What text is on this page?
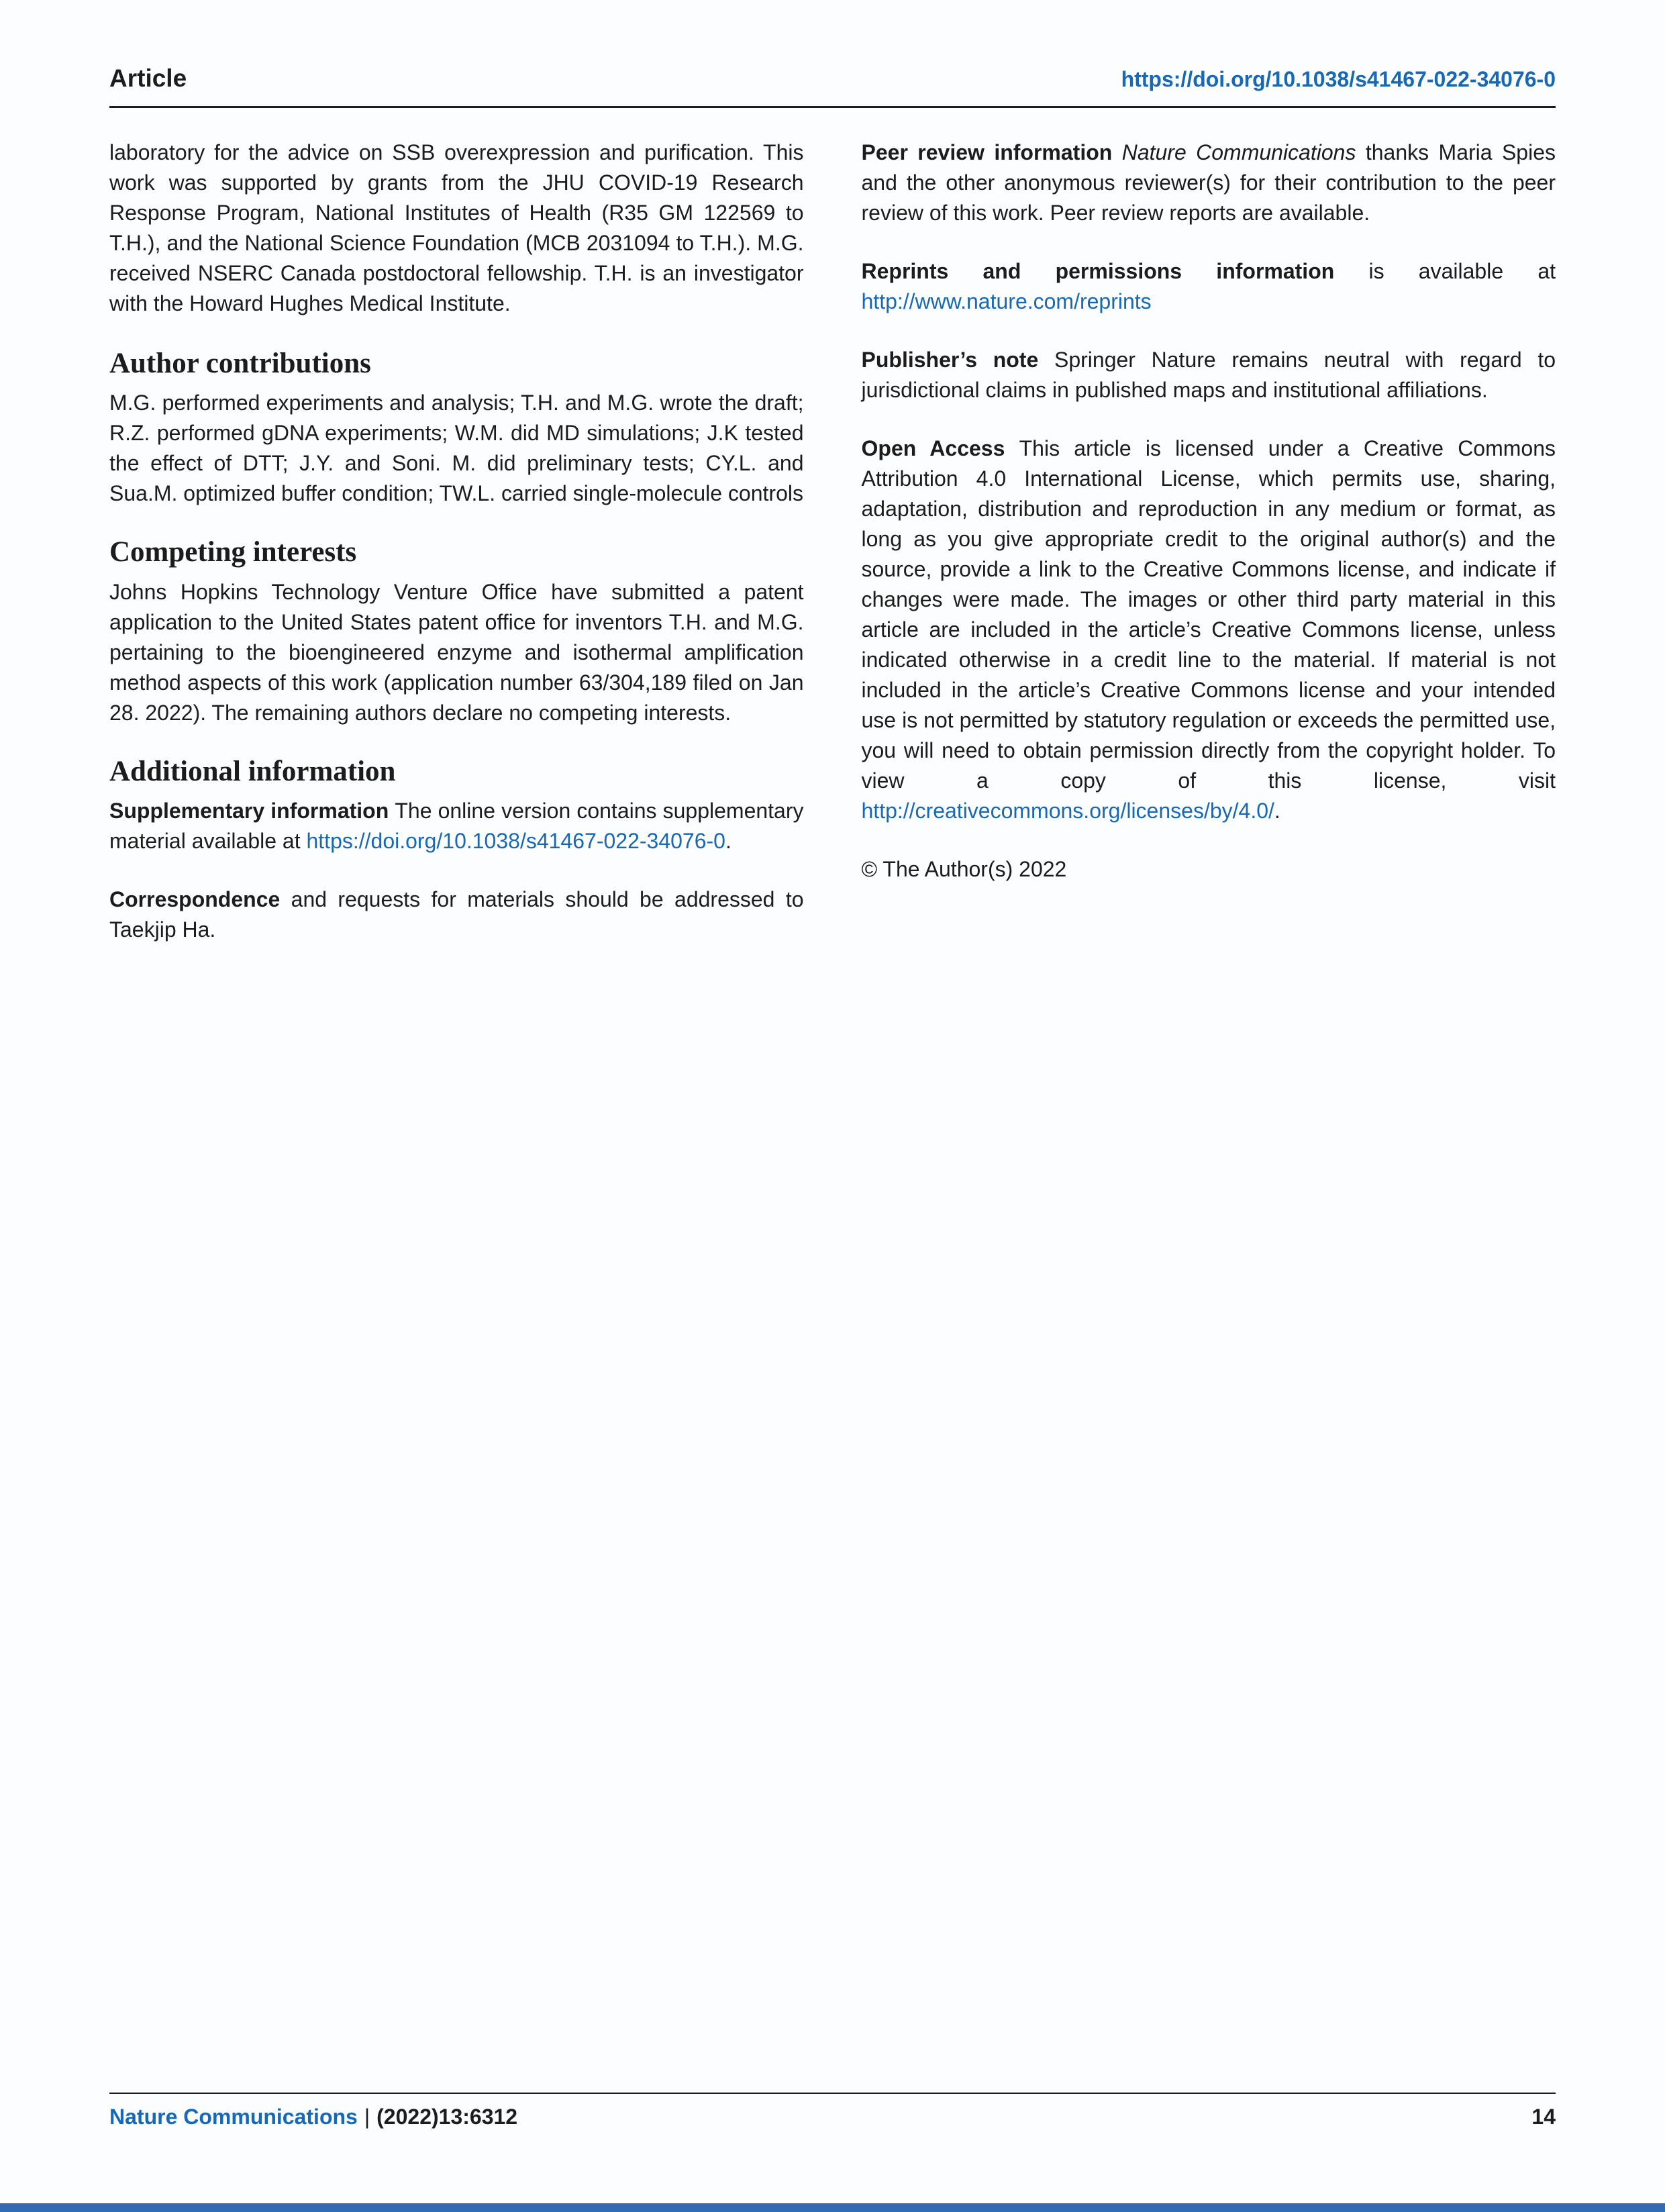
Article	https://doi.org/10.1038/s41467-022-34076-0

laboratory for the advice on SSB overexpression and purification. This work was supported by grants from the JHU COVID-19 Research Response Program, National Institutes of Health (R35 GM 122569 to T.H.), and the National Science Foundation (MCB 2031094 to T.H.). M.G. received NSERC Canada postdoctoral fellowship. T.H. is an investigator with the Howard Hughes Medical Institute.

Author contributions

M.G. performed experiments and analysis; T.H. and M.G. wrote the draft; R.Z. performed gDNA experiments; W.M. did MD simulations; J.K tested the effect of DTT; J.Y. and Soni. M. did preliminary tests; CY.L. and Sua.M. optimized buffer condition; TW.L. carried single-molecule controls

Competing interests

Johns Hopkins Technology Venture Office have submitted a patent application to the United States patent office for inventors T.H. and M.G. pertaining to the bioengineered enzyme and isothermal amplification method aspects of this work (application number 63/304,189 filed on Jan 28. 2022). The remaining authors declare no competing interests.

Additional information

Supplementary information The online version contains supplementary material available at https://doi.org/10.1038/s41467-022-34076-0.

Correspondence and requests for materials should be addressed to Taekjip Ha.

Peer review information Nature Communications thanks Maria Spies and the other anonymous reviewer(s) for their contribution to the peer review of this work. Peer review reports are available.

Reprints and permissions information is available at http://www.nature.com/reprints

Publisher’s note Springer Nature remains neutral with regard to jurisdictional claims in published maps and institutional affiliations.

Open Access This article is licensed under a Creative Commons Attribution 4.0 International License, which permits use, sharing, adaptation, distribution and reproduction in any medium or format, as long as you give appropriate credit to the original author(s) and the source, provide a link to the Creative Commons license, and indicate if changes were made. The images or other third party material in this article are included in the article’s Creative Commons license, unless indicated otherwise in a credit line to the material. If material is not included in the article’s Creative Commons license and your intended use is not permitted by statutory regulation or exceeds the permitted use, you will need to obtain permission directly from the copyright holder. To view a copy of this license, visit http://creativecommons.org/licenses/by/4.0/.

© The Author(s) 2022

Nature Communications | (2022)13:6312	14
